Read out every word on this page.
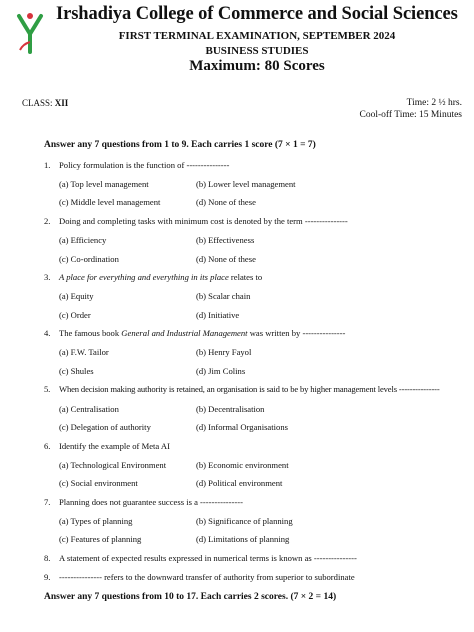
Irshadiya College of Commerce and Social Sciences
FIRST TERMINAL EXAMINATION, SEPTEMBER 2024
BUSINESS STUDIES
Maximum: 80 Scores
CLASS: XII	Time: 2 ½ hrs.
Cool-off Time: 15 Minutes
Answer any 7 questions from 1 to 9. Each carries 1 score (7 × 1 = 7)
1. Policy formulation is the function of ---------------
(a) Top level management	(b) Lower level management
(c) Middle level management	(d) None of these
2. Doing and completing tasks with minimum cost is denoted by the term ---------------
(a) Efficiency	(b) Effectiveness
(c) Co-ordination	(d) None of these
3. A place for everything and everything in its place relates to
(a) Equity	(b) Scalar chain
(c) Order	(d) Initiative
4. The famous book General and Industrial Management was written by ---------------
(a) F.W. Tailor	(b) Henry Fayol
(c) Shules	(d) Jim Colins
5. When decision making authority is retained, an organisation is said to be by higher management levels ---------------
(a) Centralisation	(b) Decentralisation
(c) Delegation of authority	(d) Informal Organisations
6. Identify the example of Meta AI
(a) Technological Environment	(b) Economic environment
(c) Social environment	(d) Political environment
7. Planning does not guarantee success is a ---------------
(a) Types of planning	(b) Significance of planning
(c) Features of planning	(d) Limitations of planning
8. A statement of expected results expressed in numerical terms is known as ---------------
9. --------------- refers to the downward transfer of authority from superior to subordinate
Answer any 7 questions from 10 to 17. Each carries 2 scores. (7 × 2 = 14)
